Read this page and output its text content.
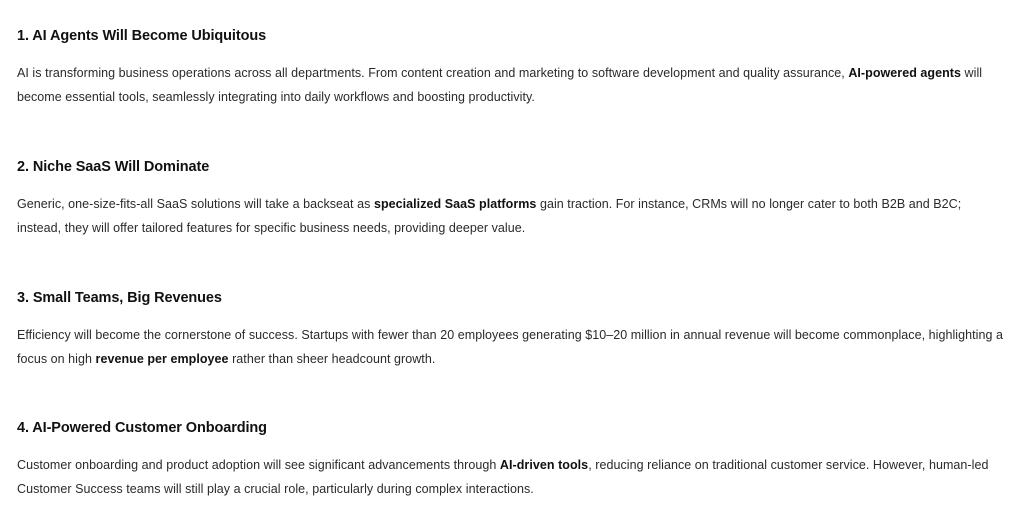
1. AI Agents Will Become Ubiquitous

AI is transforming business operations across all departments. From content creation and marketing to software development and quality assurance, AI-powered agents will become essential tools, seamlessly integrating into daily workflows and boosting productivity.

2. Niche SaaS Will Dominate

Generic, one-size-fits-all SaaS solutions will take a backseat as specialized SaaS platforms gain traction. For instance, CRMs will no longer cater to both B2B and B2C; instead, they will offer tailored features for specific business needs, providing deeper value.

3. Small Teams, Big Revenues

Efficiency will become the cornerstone of success. Startups with fewer than 20 employees generating $10–20 million in annual revenue will become commonplace, highlighting a focus on high revenue per employee rather than sheer headcount growth.

4. AI-Powered Customer Onboarding

Customer onboarding and product adoption will see significant advancements through AI-driven tools, reducing reliance on traditional customer service. However, human-led Customer Success teams will still play a crucial role, particularly during complex interactions.
